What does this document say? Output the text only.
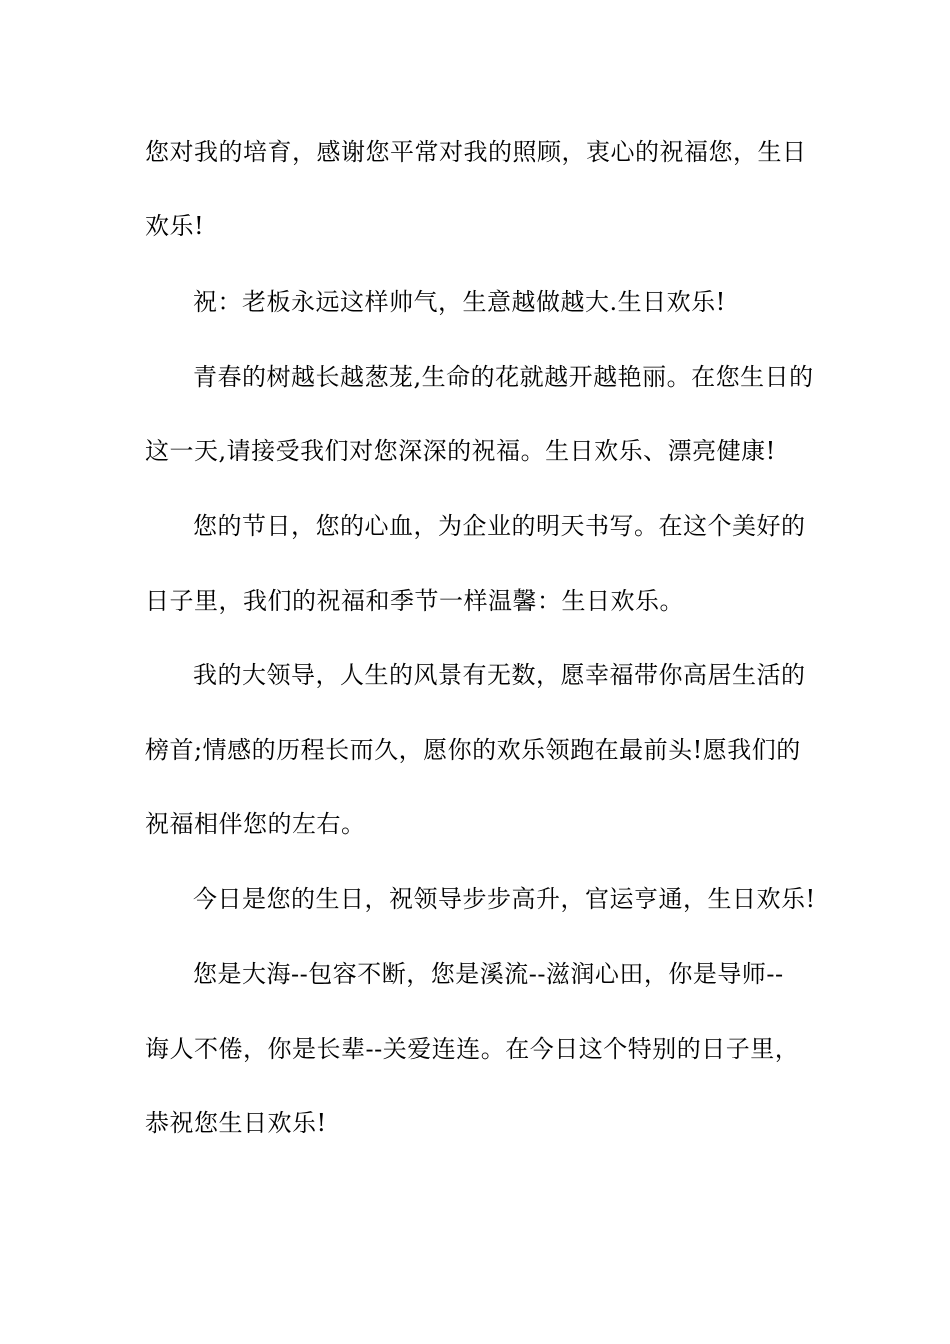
您对我的培育，感谢您平常对我的照顾，衷心的祝福您，生日
欢乐!
祝：老板永远这样帅气，生意越做越大.生日欢乐!
青春的树越长越葱茏,生命的花就越开越艳丽。在您生日的
这一天,请接受我们对您深深的祝福。生日欢乐、漂亮健康!
您的节日，您的心血，为企业的明天书写。在这个美好的
日子里，我们的祝福和季节一样温馨：生日欢乐。
我的大领导，人生的风景有无数，愿幸福带你高居生活的
榜首;情感的历程长而久，愿你的欢乐领跑在最前头!愿我们的
祝福相伴您的左右。
今日是您的生日，祝领导步步高升，官运亨通，生日欢乐!
您是大海--包容不断，您是溪流--滋润心田，你是导师--
诲人不倦，你是长辈--关爱连连。在今日这个特别的日子里，
恭祝您生日欢乐!
